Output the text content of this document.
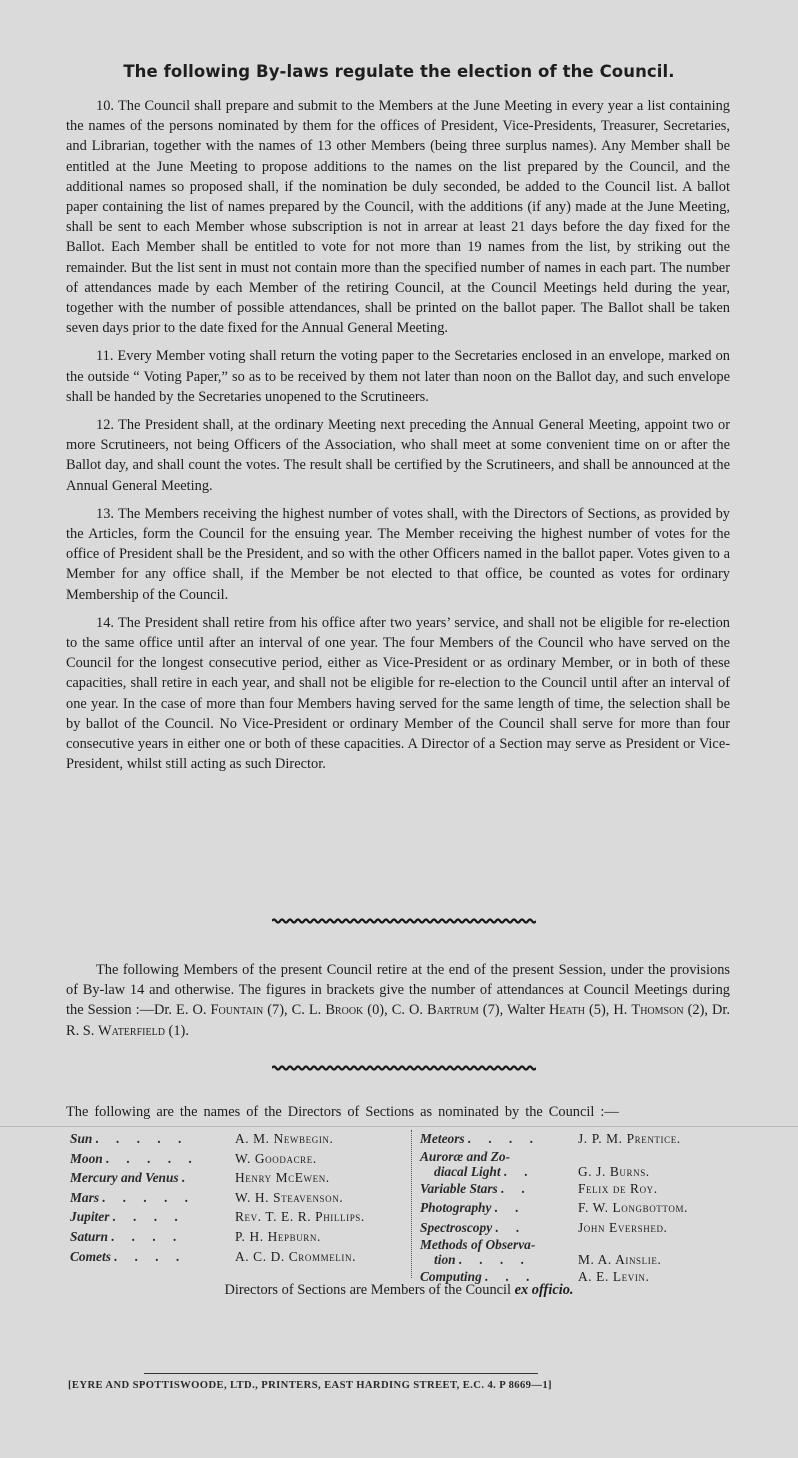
The following By-laws regulate the election of the Council.

10. The Council shall prepare and submit to the Members at the June Meeting in every year a list containing the names of the persons nominated by them for the offices of President, Vice-Presidents, Treasurer, Secretaries, and Librarian, together with the names of 13 other Members (being three surplus names). Any Member shall be entitled at the June Meeting to propose additions to the names on the list prepared by the Council, and the additional names so proposed shall, if the nomination be duly seconded, be added to the Council list. A ballot paper containing the list of names prepared by the Council, with the additions (if any) made at the June Meeting, shall be sent to each Member whose subscription is not in arrear at least 21 days before the day fixed for the Ballot. Each Member shall be entitled to vote for not more than 19 names from the list, by striking out the remainder. But the list sent in must not contain more than the specified number of names in each part. The number of attendances made by each Member of the retiring Council, at the Council Meetings held during the year, together with the number of possible attendances, shall be printed on the ballot paper. The Ballot shall be taken seven days prior to the date fixed for the Annual General Meeting.

11. Every Member voting shall return the voting paper to the Secretaries enclosed in an envelope, marked on the outside “ Voting Paper,” so as to be received by them not later than noon on the Ballot day, and such envelope shall be handed by the Secretaries unopened to the Scrutineers.

12. The President shall, at the ordinary Meeting next preceding the Annual General Meeting, appoint two or more Scrutineers, not being Officers of the Association, who shall meet at some convenient time on or after the Ballot day, and shall count the votes. The result shall be certified by the Scrutineers, and shall be announced at the Annual General Meeting.

13. The Members receiving the highest number of votes shall, with the Directors of Sections, as provided by the Articles, form the Council for the ensuing year. The Member receiving the highest number of votes for the office of President shall be the President, and so with the other Officers named in the ballot paper. Votes given to a Member for any office shall, if the Member be not elected to that office, be counted as votes for ordinary Membership of the Council.

14. The President shall retire from his office after two years’ service, and shall not be eligible for re-election to the same office until after an interval of one year. The four Members of the Council who have served on the Council for the longest consecutive period, either as Vice-President or as ordinary Member, or in both of these capacities, shall retire in each year, and shall not be eligible for re-election to the Council until after an interval of one year. In the case of more than four Members having served for the same length of time, the selection shall be by ballot of the Council. No Vice-President or ordinary Member of the Council shall serve for more than four consecutive years in either one or both of these capacities. A Director of a Section may serve as President or Vice-President, whilst still acting as such Director.

The following Members of the present Council retire at the end of the present Session, under the provisions of By-law 14 and otherwise. The figures in brackets give the number of attendances at Council Meetings during the Session :—Dr. E. O. Fountain (7), C. L. Brook (0), C. O. Bartrum (7), Walter Heath (5), H. Thomson (2), Dr. R. S. Waterfield (1).

The following are the names of the Directors of Sections as nominated by the Council :—
Sun . . . . .	A. M. Newbegin.
Moon . . . . .	W. Goodacre.
Mercury and Venus .	Henry McEwen.
Mars . . . . .	W. H. Steavenson.
Jupiter . . . .	Rev. T. E. R. Phillips.
Saturn . . . .	P. H. Hepburn.
Comets . . . .	A. C. D. Crommelin.
Meteors . . . .	J. P. M. Prentice.
Auroræ and Zo-
diacal Light . .	G. J. Burns.
Variable Stars . .	Felix de Roy.
Photography . .	F. W. Longbottom.
Spectroscopy . .	John Evershed.
Methods of Observa-
tion . . . .	M. A. Ainslie.
Computing . . .	A. E. Levin.
Directors of Sections are Members of the Council ex officio.
[EYRE AND SPOTTISWOODE, LTD., PRINTERS, EAST HARDING STREET, E.C. 4. P 8669—1]
